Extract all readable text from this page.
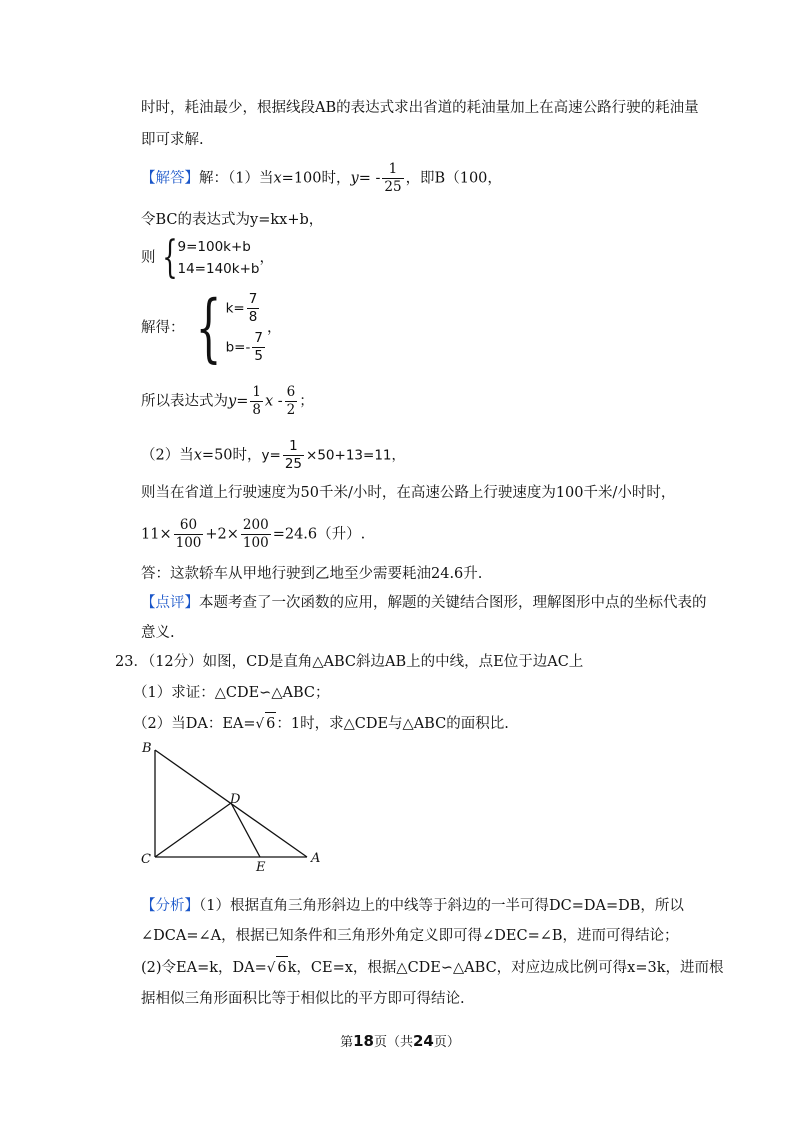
时时，耗油最少，根据线段AB的表达式求出省道的耗油量加上在高速公路行驶的耗油量
即可求解.
【解答】解：（1）当x=100时，$y= - \frac{1}{25}$ ，即B（100，
令BC的表达式为y=kx+b，
则 { 9=100k+b
14=140k+b
，
解得： { $k= \frac{7}{8}$
$b=- \frac{7}{5}$
，
所以表达式为$y= \frac{1}{8}$ x - $\frac{6}{2}$ ；
（2）当x=50时，$y= \frac{1}{25} \times 50+13=11$，
则当在省道上行驶速度为50千米/小时，在高速公路上行驶速度为100千米/小时时，
$11\times \frac{60}{100} +2\times \frac{200}{100} =24.6$（升）.
答：这款轿车从甲地行驶到乙地至少需要耗油24.6升.
【点评】本题考查了一次函数的应用，解题的关键结合图形，理解图形中点的坐标代表的
意义.
23．（12分）如图，CD是直角△ABC斜边AB上的中线，点E位于边AC上
（1）求证：△CDE∽△ABC；
（2）当DA：EA=√ 6：1时，求△CDE与△ABC的面积比.
B
C
D
E
A
【分析】（1）根据直角三角形斜边上的中线等于斜边的一半可得DC=DA=DB，所以
∠DCA=∠A，根据已知条件和三角形外角定义即可得∠DEC=∠B，进而可得结论；
(2)令EA=k，DA=√ 6k，CE=x，根据△CDE∽△ABC，对应边成比例可得x=3k，进而根
据相似三角形面积比等于相似比的平方即可得结论.
第18页（共24页）
